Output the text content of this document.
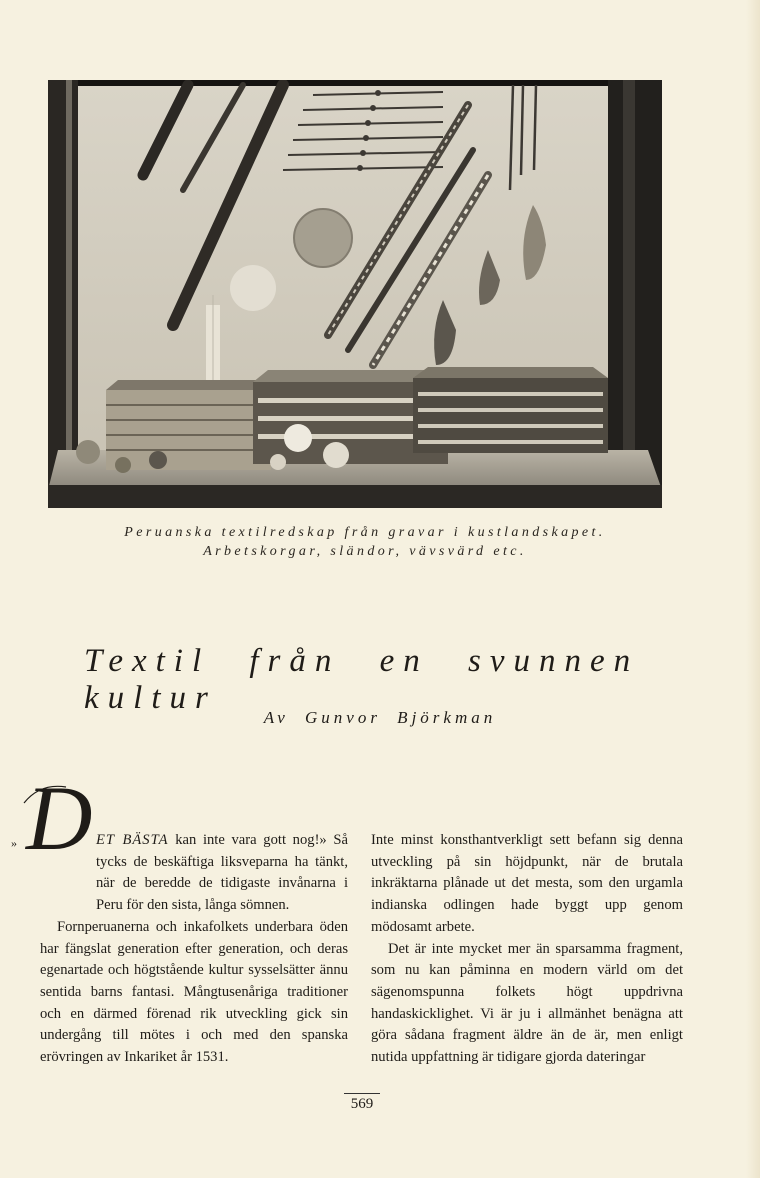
Peruanska textilredskap från gravar i kustlandskapet.
Arbetskorgar, sländor, vävsvärd etc.
Textil från en svunnen kultur
Av Gunvor Björkman
D
»	ET BÄSTA kan inte vara gott nog!» Så tycks de beskäftiga liksveparna ha tänkt, när de beredde de tidigaste invånarna i Peru för den sista, långa sömnen.

Fornperuanerna och inkafolkets underbara öden har fängslat generation efter generation, och deras egenartade och högtstående kultur sysselsätter ännu sentida barns fantasi. Mångtusenåriga traditioner och en därmed förenad rik utveckling gick sin undergång till mötes i och med den spanska erövringen av Inkariket år 1531.

Inte minst konsthantverkligt sett befann sig denna utveckling på sin höjdpunkt, när de brutala inkräktarna plånade ut det mesta, som den urgamla indianska odlingen hade byggt upp genom mödosamt arbete.

Det är inte mycket mer än sparsamma fragment, som nu kan påminna en modern värld om det sägenomspunna folkets högt uppdrivna handaskicklighet. Vi är ju i allmänhet benägna att göra sådana fragment äldre än de är, men enligt nutida uppfattning är tidigare gjorda dateringar

569
